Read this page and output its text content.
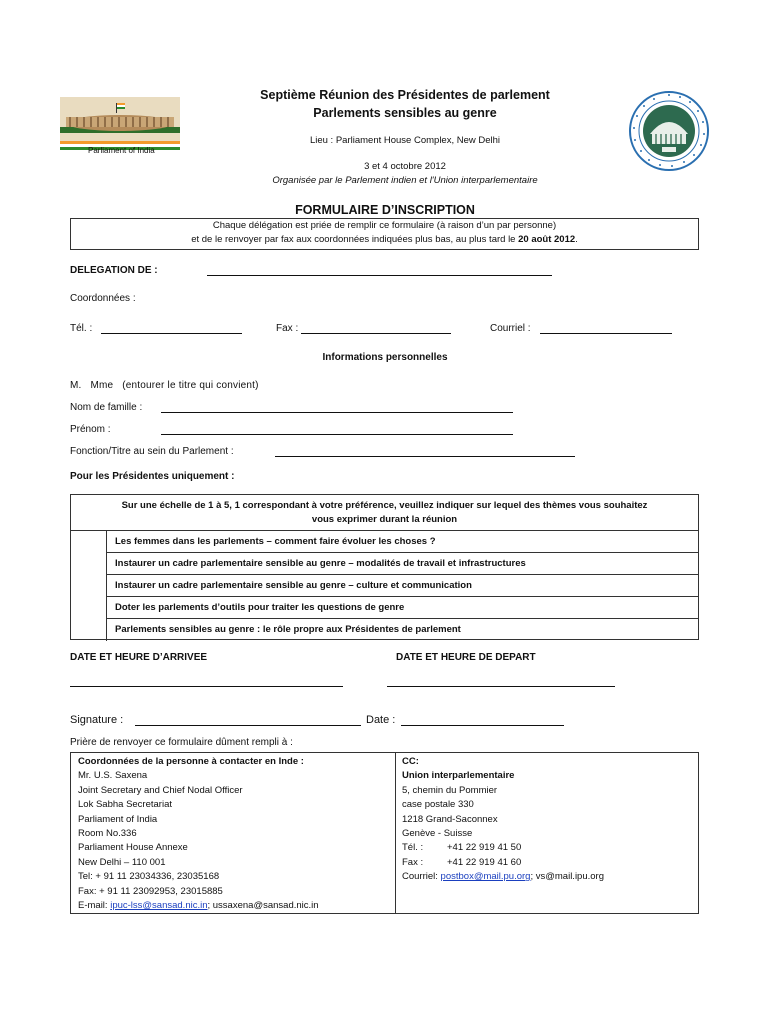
Parliament of India
Septième Réunion des Présidentes de parlement
Parlements sensibles au genre
Lieu : Parliament House Complex, New Delhi
3 et 4 octobre 2012
Organisée par le Parlement indien et l'Union interparlementaire
FORMULAIRE D’INSCRIPTION
Chaque délégation est priée de remplir ce formulaire (à raison d’un par personne)
et de le renvoyer par fax aux coordonnées indiquées plus bas, au plus tard le 20 août 2012.
DELEGATION DE :
Coordonnées :
Tél. :	Fax :	Courriel :
Informations personnelles
M.   Mme   (entourer le titre qui convient)
Nom de famille :
Prénom :
Fonction/Titre au sein du Parlement :
Pour les Présidentes uniquement :
Sur une échelle de 1 à 5, 1 correspondant à votre préférence, veuillez indiquer sur lequel des thèmes vous souhaitez
vous exprimer durant la réunion
Les femmes dans les parlements – comment faire évoluer les choses ?
Instaurer un cadre parlementaire sensible au genre – modalités de travail et infrastructures
Instaurer un cadre parlementaire sensible au genre – culture et communication
Doter les parlements d’outils pour traiter les questions de genre
Parlements sensibles au genre : le rôle propre aux Présidentes de parlement
DATE ET HEURE D’ARRIVEE	DATE ET HEURE DE DEPART
Signature :	Date :
Prière de renvoyer ce formulaire dûment rempli à :
Coordonnées de la personne à contacter en Inde :
Mr. U.S. Saxena
Joint Secretary and Chief Nodal Officer
Lok Sabha Secretariat
Parliament of India
Room No.336
Parliament House Annexe
New Delhi – 110 001
Tel: + 91 11 23034336, 23035168
Fax: + 91 11 23092953, 23015885
E-mail: ipuc-lss@sansad.nic.in; ussaxena@sansad.nic.in
CC:
Union interparlementaire
5, chemin du Pommier
case postale 330
1218 Grand-Saconnex
Genève - Suisse
Tél. :	+41 22 919 41 50
Fax :	+41 22 919 41 60
Courriel: postbox@mail.pu.org; vs@mail.ipu.org
